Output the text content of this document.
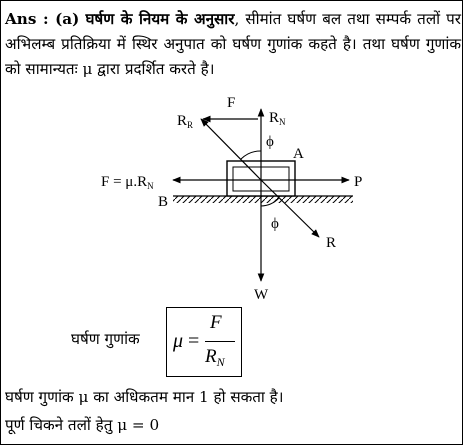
Ans : (a) घर्षण के नियम के अनुसार, सीमांत घर्षण बल तथा सम्पर्क तलों पर अभिलम्ब प्रतिक्रिया में स्थिर अनुपात को घर्षण गुणांक कहते है। तथा घर्षण गुणांक को सामान्यतः μ द्वारा प्रदर्शित करते है।
F
$R_R$	$R_N$
ϕ
A
$F = \mu.R_N$	P
B
ϕ
R
W
घर्षण गुणांक μ =
F
$R_N$
घर्षण गुणांक μ का अधिकतम मान 1 हो सकता है।
पूर्ण चिकने तलों हेतु μ = 0
